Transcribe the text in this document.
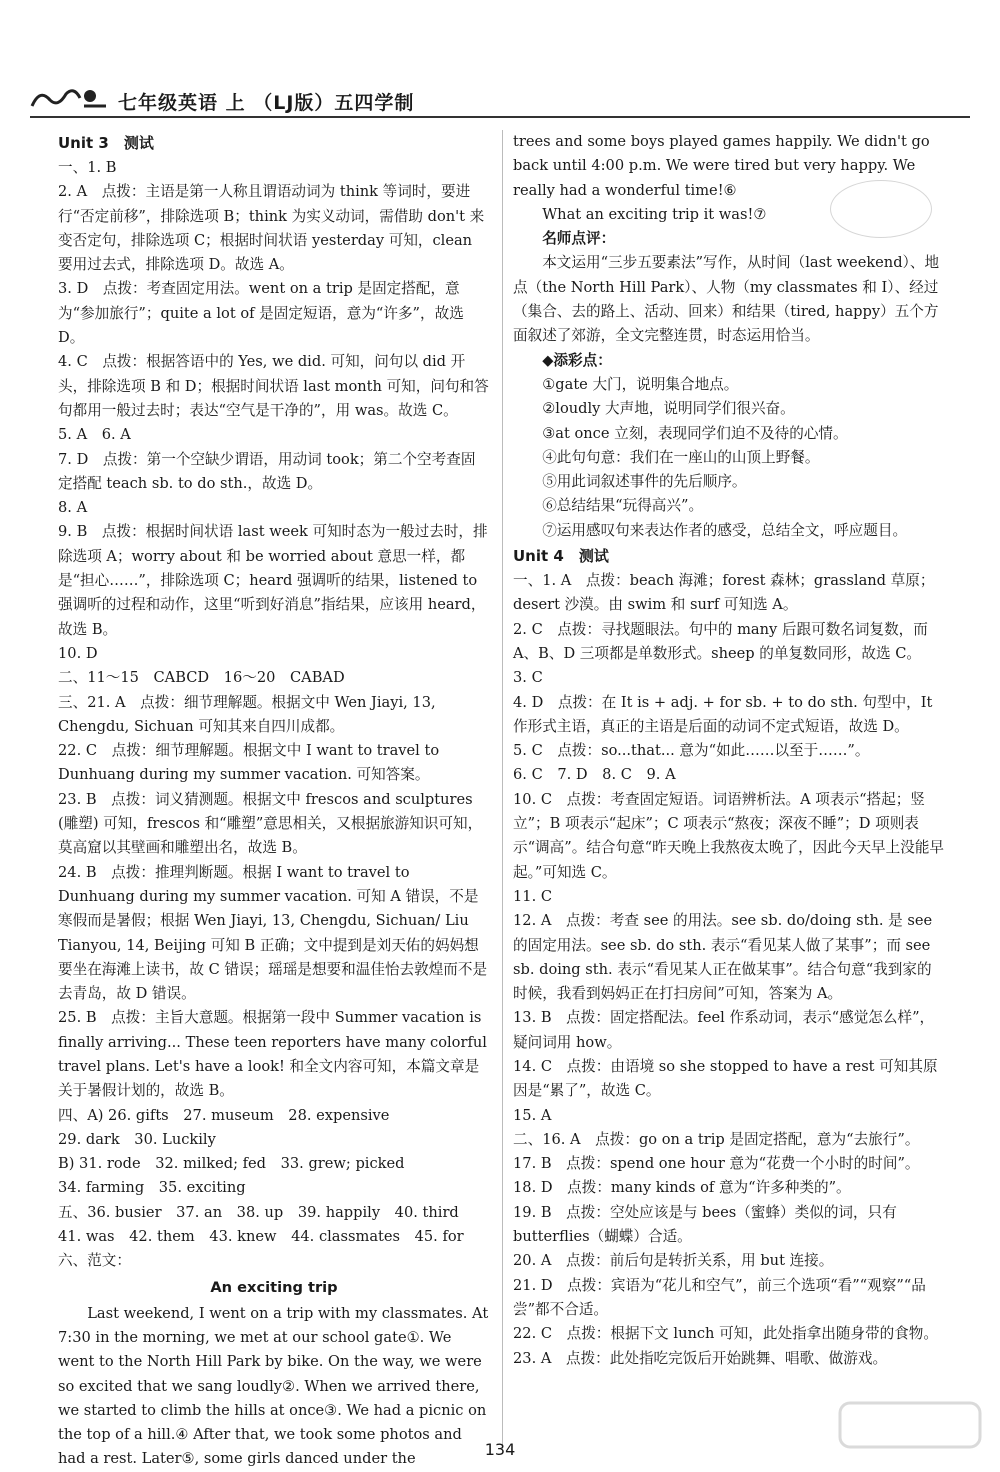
七年级英语 上 （LJ版）五四学制

Unit 3　测试

一、1. B

2. A　点拨：主语是第一人称且谓语动词为 think 等词时，要进行“否定前移”，排除选项 B；think 为实义动词，需借助 don't 来变否定句，排除选项 C；根据时间状语 yesterday 可知，clean 要用过去式，排除选项 D。故选 A。

3. D　点拨：考查固定用法。went on a trip 是固定搭配，意为“参加旅行”；quite a lot of 是固定短语，意为“许多”，故选 D。

4. C　点拨：根据答语中的 Yes, we did. 可知，问句以 did 开头，排除选项 B 和 D；根据时间状语 last month 可知，问句和答句都用一般过去时；表达“空气是干净的”，用 was。故选 C。

5. A　6. A

7. D　点拨：第一个空缺少谓语，用动词 took；第二个空考查固定搭配 teach sb. to do sth.，故选 D。

8. A

9. B　点拨：根据时间状语 last week 可知时态为一般过去时，排除选项 A；worry about 和 be worried about 意思一样，都是“担心……”，排除选项 C；heard 强调听的结果，listened to 强调听的过程和动作，这里“听到好消息”指结果，应该用 heard，故选 B。

10. D

二、11～15　CABCD　16～20　CABAD

三、21. A　点拨：细节理解题。根据文中 Wen Jiayi, 13, Chengdu, Sichuan 可知其来自四川成都。

22. C　点拨：细节理解题。根据文中 I want to travel to Dunhuang during my summer vacation. 可知答案。

23. B　点拨：词义猜测题。根据文中 frescos and sculptures (雕塑) 可知，frescos 和“雕塑”意思相关，又根据旅游知识可知，莫高窟以其壁画和雕塑出名，故选 B。

24. B　点拨：推理判断题。根据 I want to travel to Dunhuang during my summer vacation. 可知 A 错误，不是寒假而是暑假；根据 Wen Jiayi, 13, Chengdu, Sichuan/ Liu Tianyou, 14, Beijing 可知 B 正确；文中提到是刘天佑的妈妈想要坐在海滩上读书，故 C 错误；瑶瑶是想要和温佳怡去敦煌而不是去青岛，故 D 错误。

25. B　点拨：主旨大意题。根据第一段中 Summer vacation is finally arriving... These teen reporters have many colorful travel plans. Let's have a look! 和全文内容可知，本篇文章是关于暑假计划的，故选 B。

四、A) 26. gifts　27. museum　28. expensive

29. dark　30. Luckily

B) 31. rode　32. milked; fed　33. grew; picked

34. farming　35. exciting

五、36. busier　37. an　38. up　39. happily　40. third

41. was　42. them　43. knew　44. classmates　45. for

六、范文：

An exciting trip

Last weekend, I went on a trip with my classmates. At 7:30 in the morning, we met at our school gate①. We went to the North Hill Park by bike. On the way, we were so excited that we sang loudly②. When we arrived there, we started to climb the hills at once③. We had a picnic on the top of a hill.④ After that, we took some photos and had a rest. Later⑤, some girls danced under the

trees and some boys played games happily. We didn't go back until 4:00 p.m. We were tired but very happy. We really had a wonderful time!⑥

What an exciting trip it was!⑦

名师点评：

本文运用“三步五要素法”写作，从时间（last weekend）、地点（the North Hill Park）、人物（my classmates 和 I）、经过（集合、去的路上、活动、回来）和结果（tired, happy）五个方面叙述了郊游，全文完整连贯，时态运用恰当。

◆添彩点：

①gate 大门，说明集合地点。

②loudly 大声地，说明同学们很兴奋。

③at once 立刻，表现同学们迫不及待的心情。

④此句句意：我们在一座山的山顶上野餐。

⑤用此词叙述事件的先后顺序。

⑥总结结果“玩得高兴”。

⑦运用感叹句来表达作者的感受，总结全文，呼应题目。

Unit 4　测试

一、1. A　点拨：beach 海滩；forest 森林；grassland 草原；desert 沙漠。由 swim 和 surf 可知选 A。

2. C　点拨：寻找题眼法。句中的 many 后跟可数名词复数，而 A、B、D 三项都是单数形式。sheep 的单复数同形，故选 C。

3. C

4. D　点拨：在 It is + adj. + for sb. + to do sth. 句型中，It 作形式主语，真正的主语是后面的动词不定式短语，故选 D。

5. C　点拨：so...that... 意为“如此……以至于……”。

6. C　7. D　8. C　9. A

10. C　点拨：考查固定短语。词语辨析法。A 项表示“搭起；竖立”；B 项表示“起床”；C 项表示“熬夜；深夜不睡”；D 项则表示“调高”。结合句意“昨天晚上我熬夜太晚了，因此今天早上没能早起。”可知选 C。

11. C

12. A　点拨：考查 see 的用法。see sb. do/doing sth. 是 see 的固定用法。see sb. do sth. 表示“看见某人做了某事”；而 see sb. doing sth. 表示“看见某人正在做某事”。结合句意“我到家的时候，我看到妈妈正在打扫房间”可知，答案为 A。

13. B　点拨：固定搭配法。feel 作系动词，表示“感觉怎么样”，疑问词用 how。

14. C　点拨：由语境 so she stopped to have a rest 可知其原因是“累了”，故选 C。

15. A

二、16. A　点拨：go on a trip 是固定搭配，意为“去旅行”。

17. B　点拨：spend one hour 意为“花费一个小时的时间”。

18. D　点拨：many kinds of 意为“许多种类的”。

19. B　点拨：空处应该是与 bees（蜜蜂）类似的词，只有 butterflies（蝴蝶）合适。

20. A　点拨：前后句是转折关系，用 but 连接。

21. D　点拨：宾语为“花儿和空气”，前三个选项“看”“观察”“品尝”都不合适。

22. C　点拨：根据下文 lunch 可知，此处指拿出随身带的食物。

23. A　点拨：此处指吃完饭后开始跳舞、唱歌、做游戏。

134
